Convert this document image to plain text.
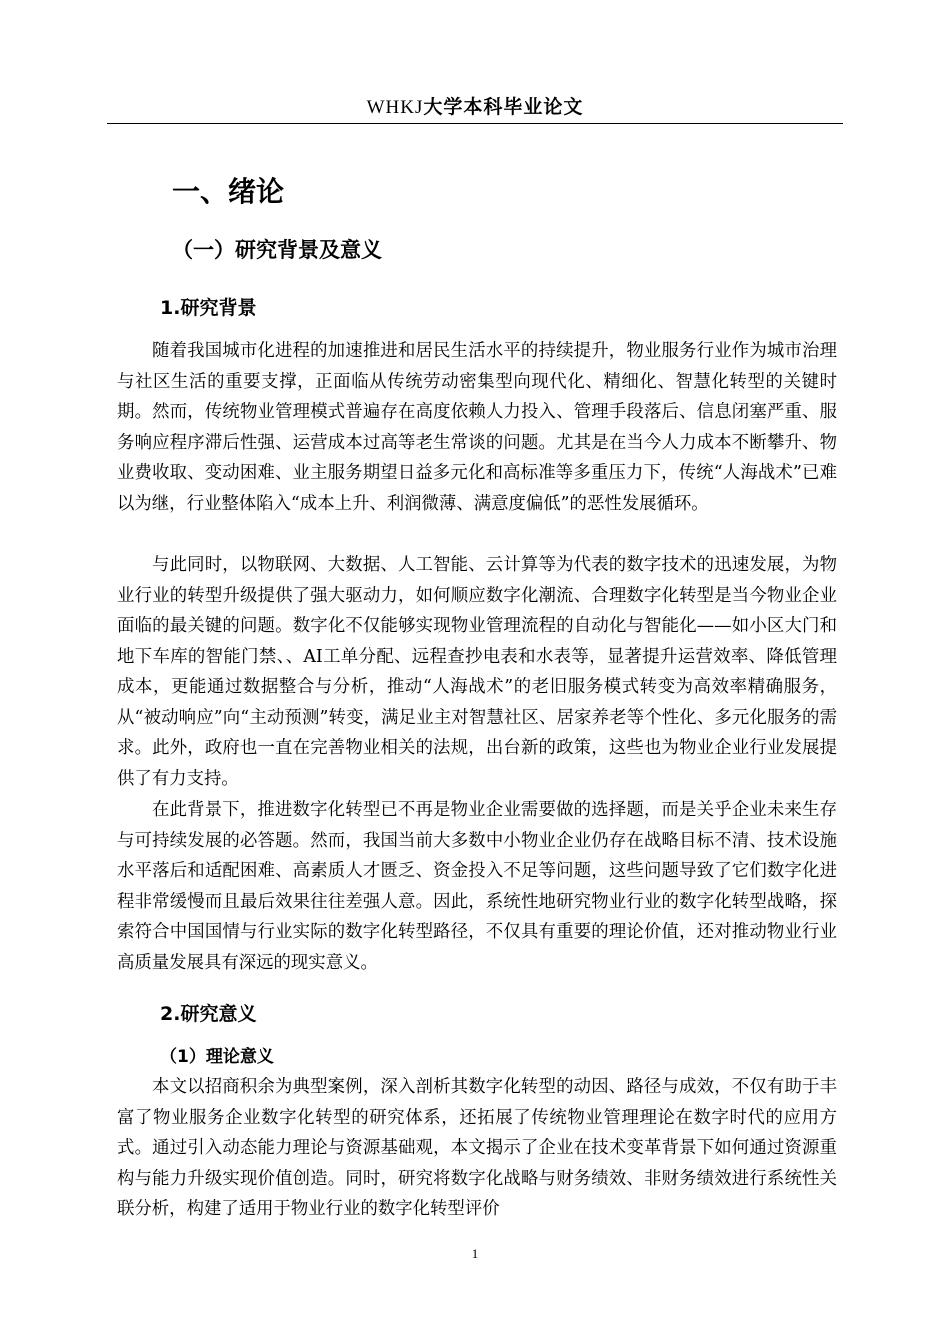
WHKJ大学本科毕业论文
一、绪论
（一）研究背景及意义
1.研究背景

随着我国城市化进程的加速推进和居民生活水平的持续提升，物业服务行业作为城市治理与社区生活的重要支撑，正面临从传统劳动密集型向现代化、精细化、智慧化转型的关键时期。然而，传统物业管理模式普遍存在高度依赖人力投入、管理手段落后、信息闭塞严重、服务响应程序滞后性强、运营成本过高等老生常谈的问题。尤其是在当今人力成本不断攀升、物业费收取、变动困难、业主服务期望日益多元化和高标准等多重压力下，传统“人海战术”已难以为继，行业整体陷入“成本上升、利润微薄、满意度偏低”的恶性发展循环。

与此同时，以物联网、大数据、人工智能、云计算等为代表的数字技术的迅速发展，为物业行业的转型升级提供了强大驱动力，如何顺应数字化潮流、合理数字化转型是当今物业企业面临的最关键的问题。数字化不仅能够实现物业管理流程的自动化与智能化——如小区大门和地下车库的智能门禁、、AI工单分配、远程查抄电表和水表等，显著提升运营效率、降低管理成本，更能通过数据整合与分析，推动“人海战术”的老旧服务模式转变为高效率精确服务，从“被动响应”向“主动预测”转变，满足业主对智慧社区、居家养老等个性化、多元化服务的需求。此外，政府也一直在完善物业相关的法规，出台新的政策，这些也为物业企业行业发展提供了有力支持。

在此背景下，推进数字化转型已不再是物业企业需要做的选择题，而是关乎企业未来生存与可持续发展的必答题。然而，我国当前大多数中小物业企业仍存在战略目标不清、技术设施水平落后和适配困难、高素质人才匮乏、资金投入不足等问题，这些问题导致了它们数字化进程非常缓慢而且最后效果往往差强人意。因此，系统性地研究物业行业的数字化转型战略，探索符合中国国情与行业实际的数字化转型路径，不仅具有重要的理论价值，还对推动物业行业高质量发展具有深远的现实意义。

2.研究意义
（1）理论意义

本文以招商积余为典型案例，深入剖析其数字化转型的动因、路径与成效，不仅有助于丰富了物业服务企业数字化转型的研究体系，还拓展了传统物业管理理论在数字时代的应用方式。通过引入动态能力理论与资源基础观，本文揭示了企业在技术变革背景下如何通过资源重构与能力升级实现价值创造。同时，研究将数字化战略与财务绩效、非财务绩效进行系统性关联分析，构建了适用于物业行业的数字化转型评价

1
